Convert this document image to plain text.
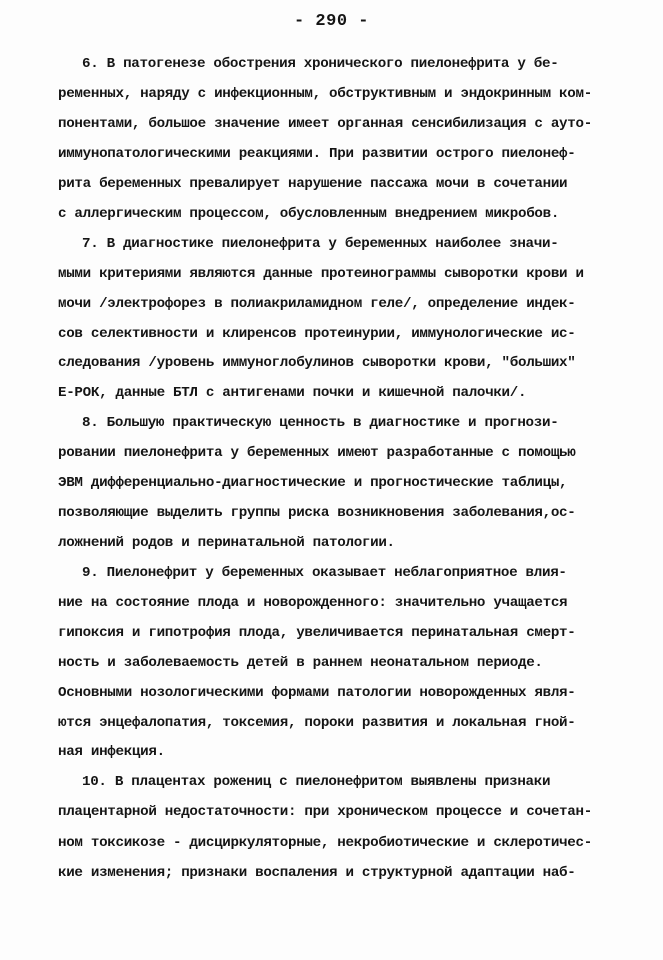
- 290 -
6. В патогенезе обострения хронического пиелонефрита у бе-
ременных, наряду с инфекционным, обструктивным и эндокринным ком-
понентами, большое значение имеет органная сенсибилизация с ауто-
иммунопатологическими реакциями. При развитии острого пиелонеф-
рита беременных превалирует нарушение пассажа мочи в сочетании
с аллергическим процессом, обусловленным внедрением микробов.
7. В диагностике пиелонефрита у беременных наиболее значи-
мыми критериями являются данные протеинограммы сыворотки крови и
мочи /электрофорез в полиакриламидном геле/, определение индек-
сов селективности и клиренсов протеинурии, иммунологические ис-
следования /уровень иммуноглобулинов сыворотки крови, "больших"
Е-РОК, данные БТЛ с антигенами почки и кишечной палочки/.
8. Большую практическую ценность в диагностике и прогнози-
ровании пиелонефрита у беременных имеют разработанные с помощью
ЭВМ дифференциально-диагностические и прогностические таблицы,
позволяющие выделить группы риска возникновения заболевания,ос-
ложнений родов и перинатальной патологии.
9. Пиелонефрит у беременных оказывает неблагоприятное влия-
ние на состояние плода и новорожденного: значительно учащается
гипоксия и гипотрофия плода, увеличивается перинатальная смерт-
ность и заболеваемость детей в раннем неонатальном периоде.
Основными нозологическими формами патологии новорожденных явля-
ются энцефалопатия, токсемия, пороки развития и локальная гной-
ная инфекция.
10. В плацентах рожениц с пиелонефритом выявлены признаки
плацентарной недостаточности: при хроническом процессе и сочетан-
ном токсикозе - дисциркуляторные, некробиотические и склеротичес-
кие изменения; признаки воспаления и структурной адаптации наб-
